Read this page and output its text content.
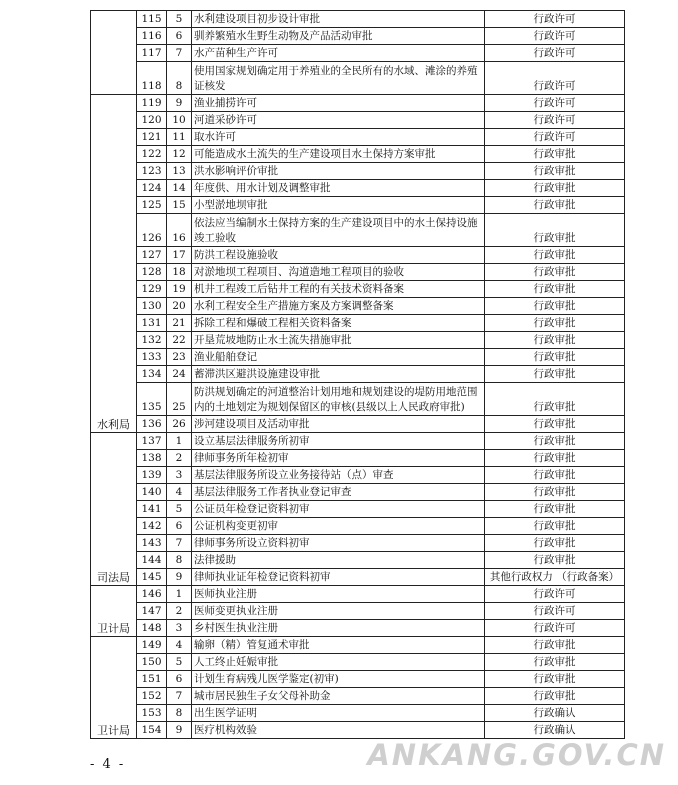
	115	5	水利建设项目初步设计审批	行政许可
	116	6	驯养繁殖水生野生动物及产品活动审批	行政许可
	117	7	水产苗种生产许可	行政许可
	118	8	使用国家规划确定用于养殖业的全民所有的水域、滩涂的养殖证核发	行政许可
水利局	119	9	渔业捕捞许可	行政许可
	120	10	河道采砂许可	行政许可
	121	11	取水许可	行政许可
	122	12	可能造成水土流失的生产建设项目水土保持方案审批	行政审批
	123	13	洪水影响评价审批	行政审批
	124	14	年度供、用水计划及调整审批	行政审批
	125	15	小型淤地坝审批	行政审批
	126	16	依法应当编制水土保持方案的生产建设项目中的水土保持设施竣工验收	行政审批
	127	17	防洪工程设施验收	行政审批
	128	18	对淤地坝工程项目、沟道造地工程项目的验收	行政审批
	129	19	机井工程竣工后钻井工程的有关技术资料备案	行政审批
	130	20	水利工程安全生产措施方案及方案调整备案	行政审批
	131	21	拆除工程和爆破工程相关资料备案	行政审批
	132	22	开垦荒坡地防止水土流失措施审批	行政审批
	133	23	渔业船舶登记	行政审批
	134	24	蓄滞洪区避洪设施建设审批	行政审批
	135	25	防洪规划确定的河道整治计划用地和规划建设的堤防用地范围内的土地划定为规划保留区的审核(县级以上人民政府审批)	行政审批
	136	26	涉河建设项目及活动审批	行政审批
司法局	137	1	设立基层法律服务所初审	行政审批
	138	2	律师事务所年检初审	行政审批
	139	3	基层法律服务所设立业务接待站（点）审查	行政审批
	140	4	基层法律服务工作者执业登记审查	行政审批
	141	5	公证员年检登记资料初审	行政审批
	142	6	公证机构变更初审	行政审批
	143	7	律师事务所设立资料初审	行政审批
	144	8	法律援助	行政审批
	145	9	律师执业证年检登记资料初审	其他行政权力 （行政备案）
卫计局	146	1	医师执业注册	行政许可
	147	2	医师变更执业注册	行政许可
	148	3	乡村医生执业注册	行政许可
卫计局	149	4	输卵（精）管复通术审批	行政审批
	150	5	人工终止妊娠审批	行政审批
	151	6	计划生育病残儿医学鉴定(初审)	行政审批
	152	7	城市居民独生子女父母补助金	行政审批
	153	8	出生医学证明	行政确认
	154	9	医疗机构效验	行政确认
- 4 -	ANKANG.GOV.CN
